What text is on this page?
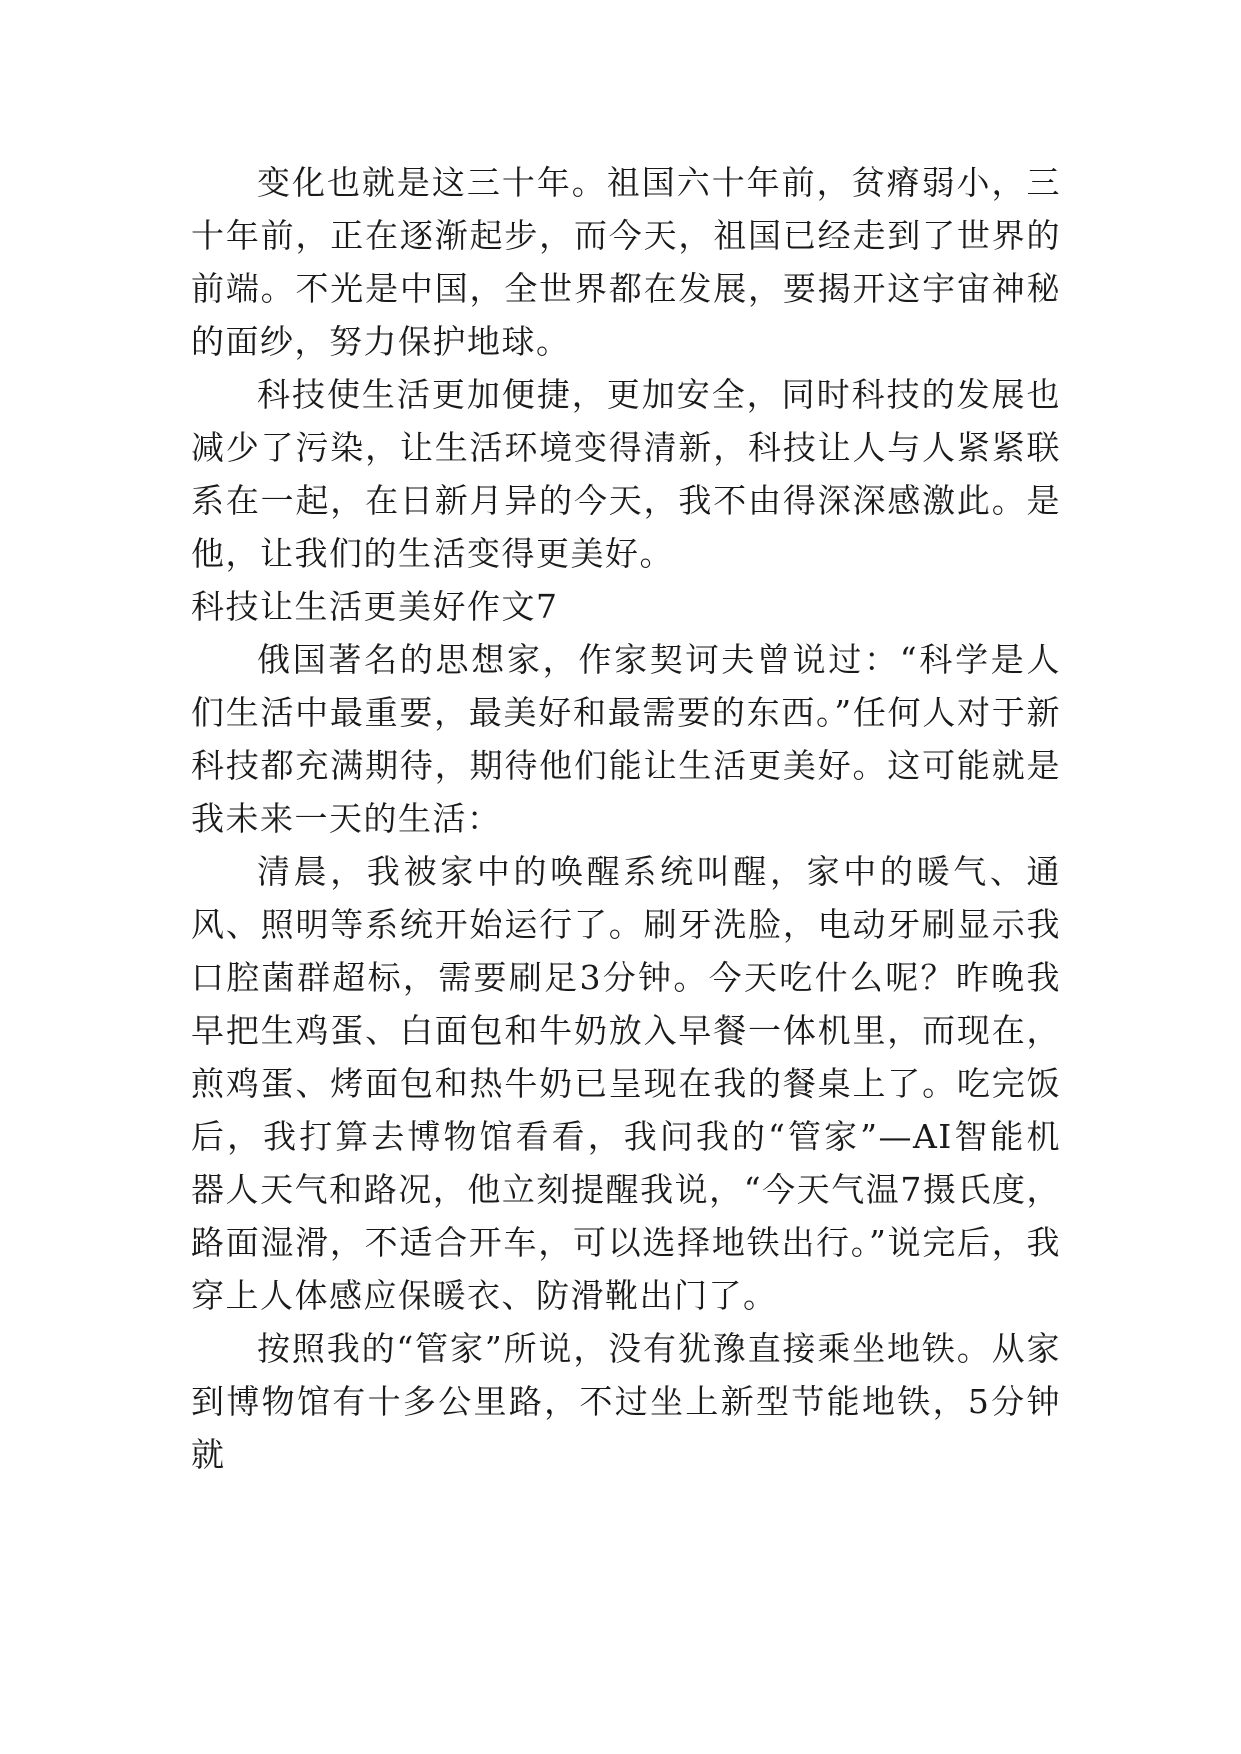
变化也就是这三十年。祖国六十年前，贫瘠弱小，三十年前，正在逐渐起步，而今天，祖国已经走到了世界的前端。不光是中国，全世界都在发展，要揭开这宇宙神秘的面纱，努力保护地球。

科技使生活更加便捷，更加安全，同时科技的发展也减少了污染，让生活环境变得清新，科技让人与人紧紧联系在一起，在日新月异的今天，我不由得深深感激此。是他，让我们的生活变得更美好。

科技让生活更美好作文7

俄国著名的思想家，作家契诃夫曾说过：“科学是人们生活中最重要，最美好和最需要的东西。”任何人对于新科技都充满期待，期待他们能让生活更美好。这可能就是我未来一天的生活：

清晨，我被家中的唤醒系统叫醒，家中的暖气、通风、照明等系统开始运行了。刷牙洗脸，电动牙刷显示我口腔菌群超标，需要刷足3分钟。今天吃什么呢？昨晚我早把生鸡蛋、白面包和牛奶放入早餐一体机里，而现在，煎鸡蛋、烤面包和热牛奶已呈现在我的餐桌上了。吃完饭后，我打算去博物馆看看，我问我的“管家”—AI智能机器人天气和路况，他立刻提醒我说，“今天气温7摄氏度，路面湿滑，不适合开车，可以选择地铁出行。”说完后，我穿上人体感应保暖衣、防滑靴出门了。

按照我的“管家”所说，没有犹豫直接乘坐地铁。从家到博物馆有十多公里路，不过坐上新型节能地铁，5分钟就
